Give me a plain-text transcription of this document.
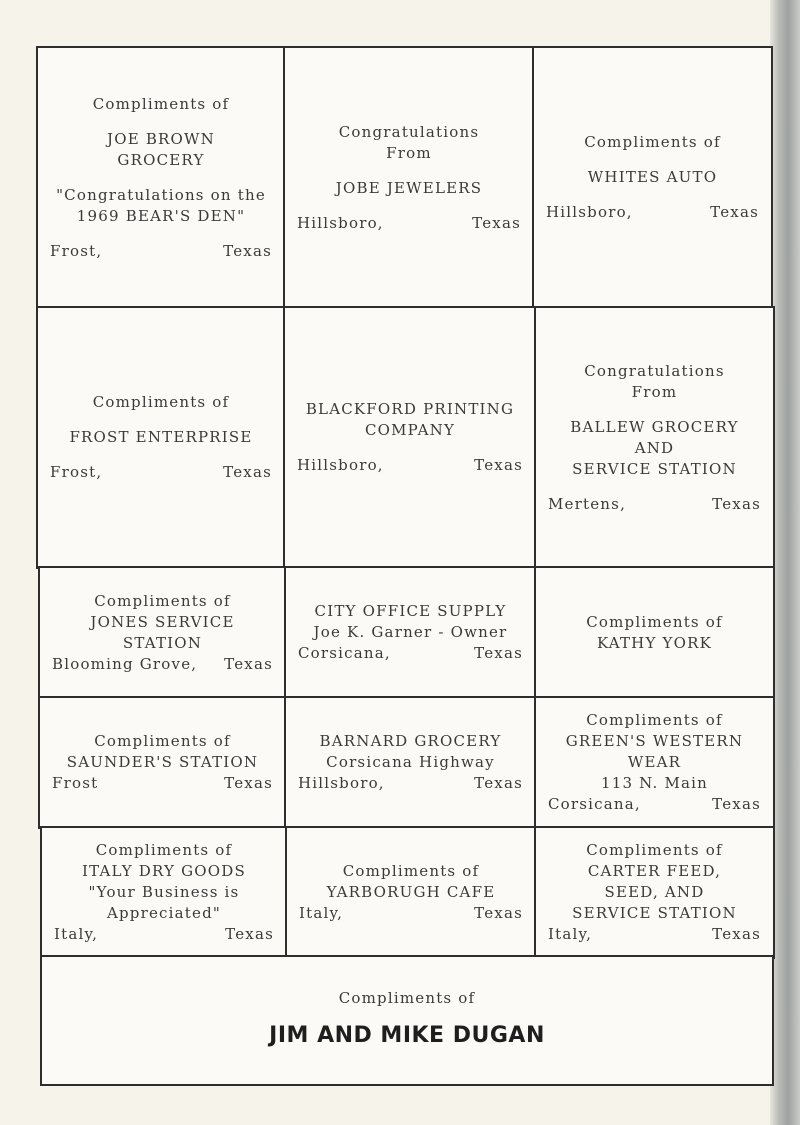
Compliments of
JOE BROWN
GROCERY
"Congratulations on the
1969 BEAR'S DEN"
Frost,	Texas
Congratulations
From
JOBE JEWELERS
Hillsboro,	Texas
Compliments of
WHITES AUTO
Hillsboro,	Texas
Compliments of
FROST ENTERPRISE
Frost,	Texas
BLACKFORD PRINTING
COMPANY
Hillsboro,	Texas
Congratulations
From
BALLEW GROCERY
AND
SERVICE STATION
Mertens,	Texas
Compliments of
JONES SERVICE
STATION
Blooming Grove, Texas
CITY OFFICE SUPPLY
Joe K. Garner - Owner
Corsicana,	Texas
Compliments of
KATHY YORK
Compliments of
SAUNDER'S STATION
Frost	Texas
BARNARD GROCERY
Corsicana Highway
Hillsboro,	Texas
Compliments of
GREEN'S WESTERN
WEAR
113 N. Main
Corsicana,	Texas
Compliments of
ITALY DRY GOODS
"Your Business is
Appreciated"
Italy,	Texas
Compliments of
YARBORUGH CAFE
Italy,	Texas
Compliments of
CARTER FEED,
SEED, AND
SERVICE STATION
Italy,	Texas
Compliments of
JIM AND MIKE DUGAN
